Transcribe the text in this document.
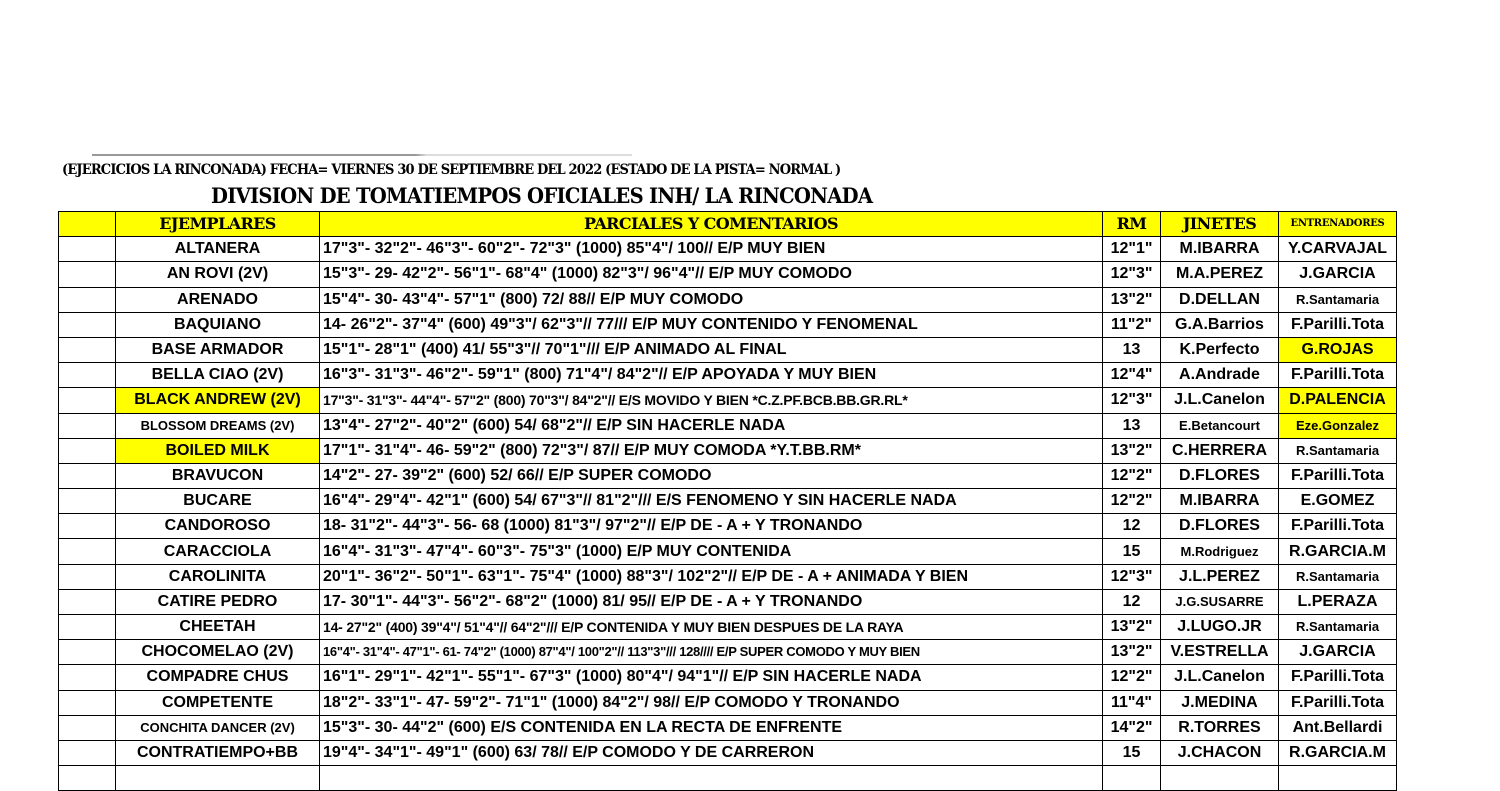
(EJERCICIOS LA RINCONADA) FECHA= VIERNES 30 DE SEPTIEMBRE DEL 2022 (ESTADO DE LA PISTA= NORMAL )
DIVISION DE TOMATIEMPOS OFICIALES INH/ LA RINCONADA
	EJEMPLARES	PARCIALES Y COMENTARIOS	RM	JINETES	ENTRENADORES
	ALTANERA	17"3"- 32"2"- 46"3"- 60"2"- 72"3" (1000) 85"4"/ 100// E/P MUY BIEN	12"1"	M.IBARRA	Y.CARVAJAL
	AN ROVI (2V)	15"3"- 29- 42"2"- 56"1"- 68"4" (1000) 82"3"/ 96"4"// E/P MUY COMODO	12"3"	M.A.PEREZ	J.GARCIA
	ARENADO	15"4"- 30- 43"4"- 57"1" (800) 72/ 88// E/P MUY COMODO	13"2"	D.DELLAN	R.Santamaria
	BAQUIANO	14- 26"2"- 37"4" (600) 49"3"/ 62"3"// 77/// E/P MUY CONTENIDO Y FENOMENAL	11"2"	G.A.Barrios	F.Parilli.Tota
	BASE ARMADOR	15"1"- 28"1" (400) 41/ 55"3"// 70"1"/// E/P ANIMADO AL FINAL	13	K.Perfecto	G.ROJAS
	BELLA CIAO (2V)	16"3"- 31"3"- 46"2"- 59"1" (800) 71"4"/ 84"2"// E/P APOYADA Y MUY BIEN	12"4"	A.Andrade	F.Parilli.Tota
	BLACK ANDREW (2V)	17"3"- 31"3"- 44"4"- 57"2" (800) 70"3"/ 84"2"// E/S MOVIDO Y BIEN *C.Z.PF.BCB.BB.GR.RL*	12"3"	J.L.Canelon	D.PALENCIA
	BLOSSOM DREAMS (2V)	13"4"- 27"2"- 40"2" (600) 54/ 68"2"// E/P SIN HACERLE NADA	13	E.Betancourt	Eze.Gonzalez
	BOILED MILK	17"1"- 31"4"- 46- 59"2" (800) 72"3"/ 87// E/P MUY COMODA *Y.T.BB.RM*	13"2"	C.HERRERA	R.Santamaria
	BRAVUCON	14"2"- 27- 39"2" (600) 52/ 66// E/P SUPER COMODO	12"2"	D.FLORES	F.Parilli.Tota
	BUCARE	16"4"- 29"4"- 42"1" (600) 54/ 67"3"// 81"2"/// E/S FENOMENO Y SIN HACERLE NADA	12"2"	M.IBARRA	E.GOMEZ
	CANDOROSO	18- 31"2"- 44"3"- 56- 68 (1000) 81"3"/ 97"2"// E/P DE - A + Y TRONANDO	12	D.FLORES	F.Parilli.Tota
	CARACCIOLA	16"4"- 31"3"- 47"4"- 60"3"- 75"3" (1000) E/P MUY CONTENIDA	15	M.Rodriguez	R.GARCIA.M
	CAROLINITA	20"1"- 36"2"- 50"1"- 63"1"- 75"4" (1000) 88"3"/ 102"2"// E/P DE - A + ANIMADA Y BIEN	12"3"	J.L.PEREZ	R.Santamaria
	CATIRE PEDRO	17- 30"1"- 44"3"- 56"2"- 68"2" (1000) 81/ 95// E/P DE - A + Y TRONANDO	12	J.G.SUSARRE	L.PERAZA
	CHEETAH	14- 27"2" (400) 39"4"/ 51"4"// 64"2"/// E/P CONTENIDA Y MUY BIEN DESPUES DE LA RAYA	13"2"	J.LUGO.JR	R.Santamaria
	CHOCOMELAO (2V)	16"4"- 31"4"- 47"1"- 61- 74"2" (1000) 87"4"/ 100"2"// 113"3"/// 128//// E/P SUPER COMODO Y MUY BIEN	13"2"	V.ESTRELLA	J.GARCIA
	COMPADRE CHUS	16"1"- 29"1"- 42"1"- 55"1"- 67"3" (1000) 80"4"/ 94"1"// E/P SIN HACERLE NADA	12"2"	J.L.Canelon	F.Parilli.Tota
	COMPETENTE	18"2"- 33"1"- 47- 59"2"- 71"1" (1000) 84"2"/ 98// E/P COMODO Y TRONANDO	11"4"	J.MEDINA	F.Parilli.Tota
	CONCHITA DANCER (2V)	15"3"- 30- 44"2" (600) E/S CONTENIDA EN LA RECTA DE ENFRENTE	14"2"	R.TORRES	Ant.Bellardi
	CONTRATIEMPO+BB	19"4"- 34"1"- 49"1" (600) 63/ 78// E/P COMODO Y DE CARRERON	15	J.CHACON	R.GARCIA.M
